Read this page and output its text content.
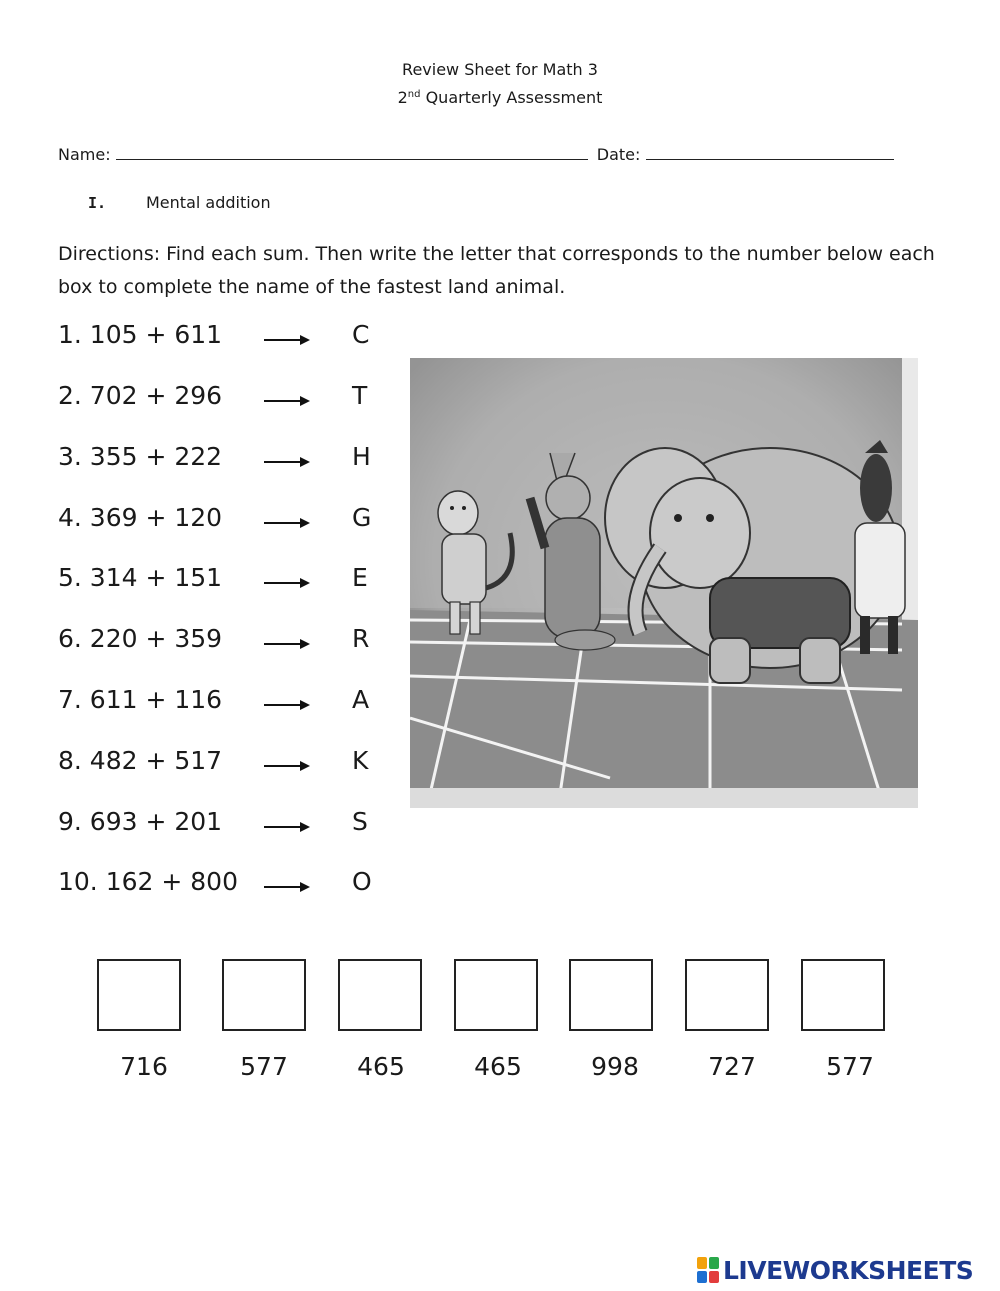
Review Sheet for Math 3
2nd Quarterly Assessment
Name:	Date:
I. Mental addition
Directions: Find each sum. Then write the letter that corresponds to the number below each box to complete the name of the fastest land animal.
1. 105 + 611	C
2. 702 + 296	T
3. 355 + 222	H
4. 369 + 120	G
5. 314 + 151	E
6. 220 + 359	R
7. 611 + 116	A
8. 482 + 517	K
9. 693 + 201	S
10. 162 + 800	O
716	577	465	465	998	727	577
LIVEWORKSHEETS
